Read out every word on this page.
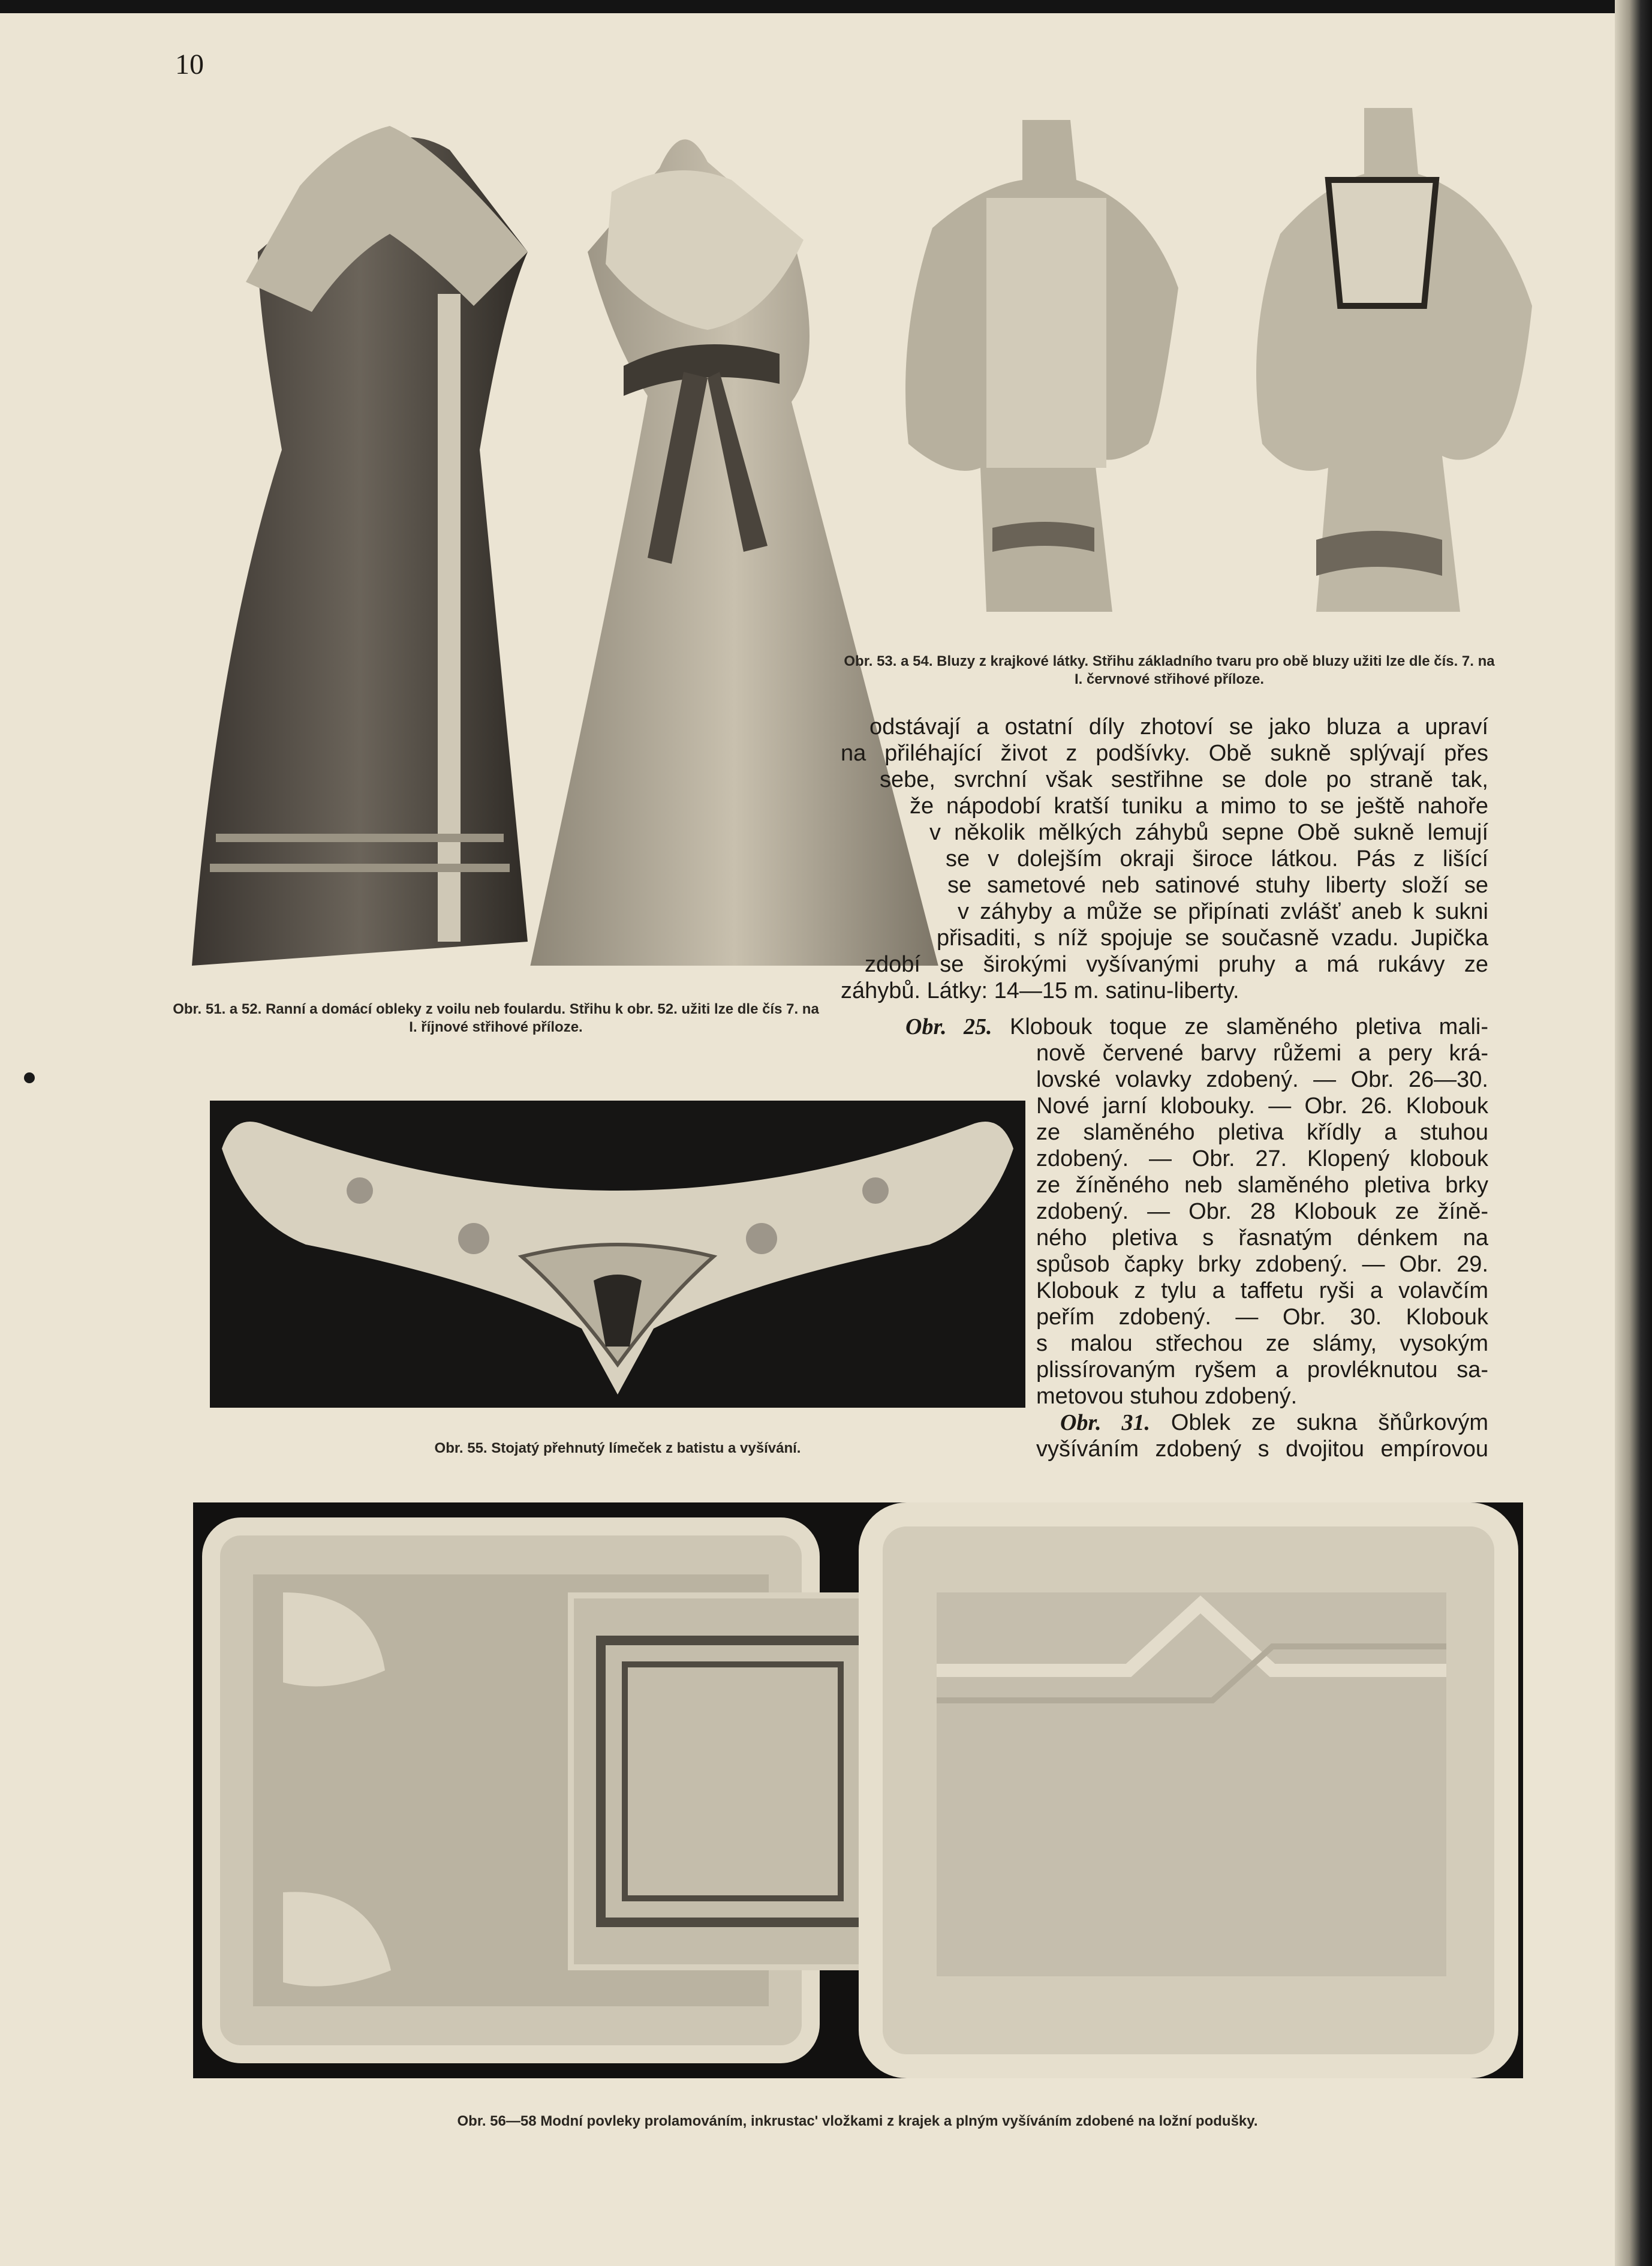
10
Obr. 51. a 52. Ranní a domácí obleky z voilu neb foulardu. Střihu k obr. 52. užiti lze dle čís 7. na I. říjnové střihové příloze.
Obr. 53. a 54. Bluzy z krajkové látky. Střihu základního tvaru pro obě bluzy užiti lze dle čís. 7. na I. červnové střihové příloze.

odstávají a ostatní díly zhotoví se jako bluza a upraví

na přiléhající život z podšívky. Obě sukně splývají přes

sebe, svrchní však sestřihne se dole po straně tak,

že nápodobí kratší tuniku a mimo to se ještě nahoře

v několik mělkých záhybů sepne Obě sukně lemují

se v dolejším okraji široce látkou. Pás z lišící

se sametové neb satinové stuhy liberty složí se

v záhyby a může se připínati zvlášť aneb k sukni

přisaditi, s níž spojuje se současně vzadu. Jupička

zdobí se širokými vyšívanými pruhy a má rukávy ze

záhybů. Látky: 14—15 m. satinu-liberty.

Obr. 25. Klobouk toque ze slaměného pletiva mali-

nově červené barvy růžemi a pery krá-

lovské volavky zdobený. — Obr. 26—30.

Nové jarní klobouky. — Obr. 26. Klobouk

ze slaměného pletiva křídly a stuhou

zdobený. — Obr. 27. Klopený klobouk

ze žíněného neb slaměného pletiva brky

zdobený. — Obr. 28 Klobouk ze žíně-

ného pletiva s řasnatým dénkem na

spůsob čapky brky zdobený. — Obr. 29.

Klobouk z tylu a taffetu ryši a volavčím

peřím zdobený. — Obr. 30. Klobouk

s malou střechou ze slámy, vysokým

plissírovaným ryšem a provléknutou sa-

metovou stuhou zdobený.

Obr. 31. Oblek ze sukna šňůrkovým

vyšíváním zdobený s dvojitou empírovou

Obr. 55. Stojatý přehnutý límeček z batistu a vyšívání.
Obr. 56—58 Modní povleky prolamováním, inkrustac' vložkami z krajek a plným vyšíváním zdobené na ložní podušky.
